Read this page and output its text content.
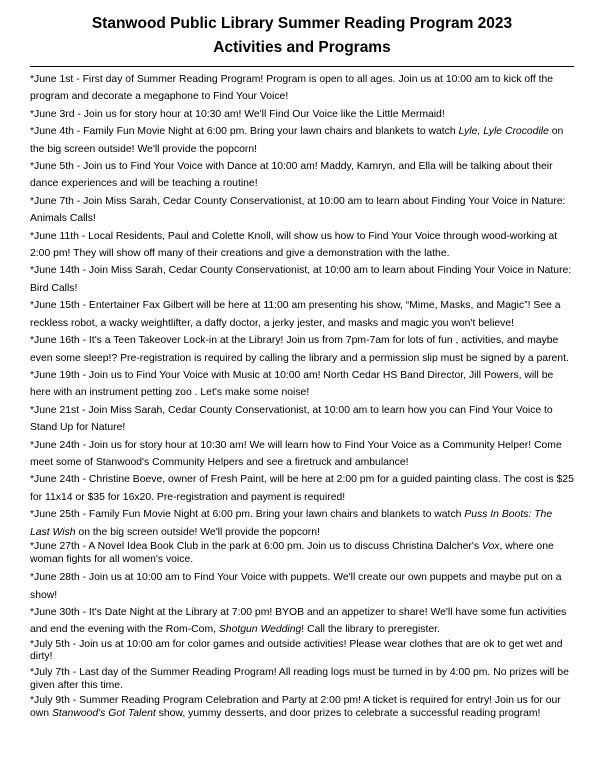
Stanwood Public Library Summer Reading Program 2023
Activities and Programs
*June 1st - First day of Summer Reading Program! Program is open to all ages. Join us at 10:00 am to kick off the program and decorate a megaphone to Find Your Voice!
*June 3rd - Join us for story hour at 10:30 am! We'll Find Our Voice like the Little Mermaid!
*June 4th - Family Fun Movie Night at 6:00 pm. Bring your lawn chairs and blankets to watch Lyle, Lyle Crocodile on the big screen outside! We'll provide the popcorn!
*June 5th - Join us to Find Your Voice with Dance at 10:00 am! Maddy, Kamryn, and Ella will be talking about their dance experiences and will be teaching a routine!
*June 7th - Join Miss Sarah, Cedar County Conservationist, at 10:00 am to learn about Finding Your Voice in Nature: Animals Calls!
*June 11th - Local Residents, Paul and Colette Knoll, will show us how to Find Your Voice through wood-working at 2:00 pm! They will show off many of their creations and give a demonstration with the lathe.
*June 14th - Join Miss Sarah, Cedar County Conservationist, at 10:00 am to learn about Finding Your Voice in Nature: Bird Calls!
*June 15th - Entertainer Fax Gilbert will be here at 11:00 am presenting his show, “Mime, Masks, and Magic”! See a reckless robot, a wacky weightlifter, a daffy doctor, a jerky jester, and masks and magic you won't believe!
*June 16th - It's a Teen Takeover Lock-in at the Library! Join us from 7pm-7am for lots of fun , activities, and maybe even some sleep!? Pre-registration is required by calling the library and a permission slip must be signed by a parent.
*June 19th - Join us to Find Your Voice with Music at 10:00 am! North Cedar HS Band Director, Jill Powers, will be here with an instrument petting zoo . Let's make some noise!
*June 21st - Join Miss Sarah, Cedar County Conservationist, at 10:00 am to learn how you can Find Your Voice to Stand Up for Nature!
*June 24th - Join us for story hour at 10:30 am! We will learn how to Find Your Voice as a Community Helper! Come meet some of Stanwood's Community Helpers and see a firetruck and ambulance!
*June 24th - Christine Boeve, owner of Fresh Paint, will be here at 2:00 pm for a guided painting class. The cost is $25 for 11x14 or $35 for 16x20. Pre-registration and payment is required!
*June 25th - Family Fun Movie Night at 6:00 pm. Bring your lawn chairs and blankets to watch Puss In Boots: The Last Wish on the big screen outside! We'll provide the popcorn!
*June 27th - A Novel Idea Book Club in the park at 6:00 pm. Join us to discuss Christina Dalcher's Vox, where one woman fights for all women's voice.
*June 28th - Join us at 10:00 am to Find Your Voice with puppets. We'll create our own puppets and maybe put on a show!
*June 30th - It's Date Night at the Library at 7:00 pm! BYOB and an appetizer to share! We'll have some fun activities and end the evening with the Rom-Com, Shotgun Wedding! Call the library to preregister.
*July 5th - Join us at 10:00 am for color games and outside activities! Please wear clothes that are ok to get wet and dirty!
*July 7th - Last day of the Summer Reading Program! All reading logs must be turned in by 4:00 pm. No prizes will be given after this time.
*July 9th - Summer Reading Program Celebration and Party at 2:00 pm! A ticket is required for entry! Join us for our own Stanwood's Got Talent show, yummy desserts, and door prizes to celebrate a successful reading program!
